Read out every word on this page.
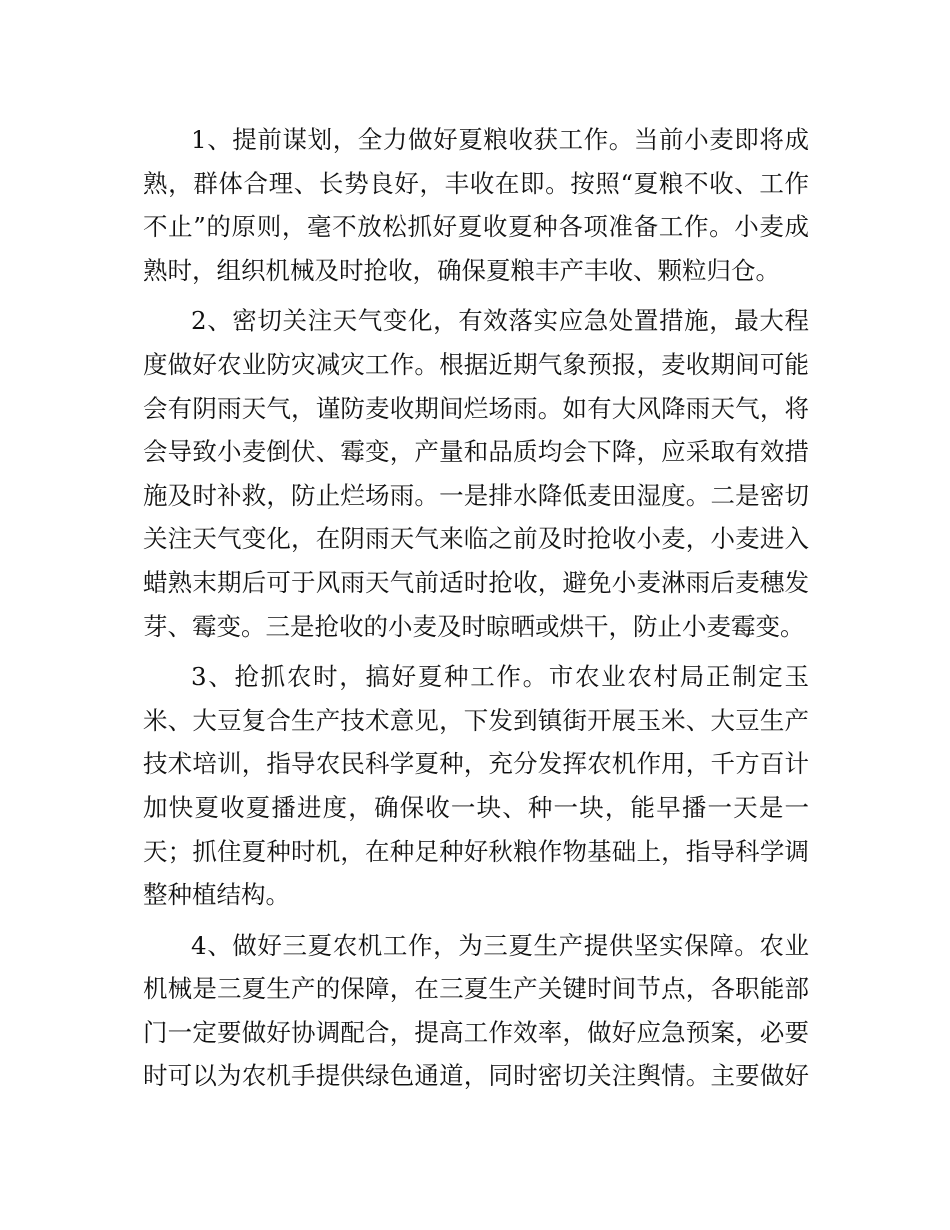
1、提前谋划，全力做好夏粮收获工作。当前小麦即将成
熟，群体合理、长势良好，丰收在即。按照“夏粮不收、工作
不止”的原则，毫不放松抓好夏收夏种各项准备工作。小麦成
熟时，组织机械及时抢收，确保夏粮丰产丰收、颗粒归仓。
2、密切关注天气变化，有效落实应急处置措施，最大程
度做好农业防灾减灾工作。根据近期气象预报，麦收期间可能
会有阴雨天气，谨防麦收期间烂场雨。如有大风降雨天气，将
会导致小麦倒伏、霉变，产量和品质均会下降，应采取有效措
施及时补救，防止烂场雨。一是排水降低麦田湿度。二是密切
关注天气变化，在阴雨天气来临之前及时抢收小麦，小麦进入
蜡熟末期后可于风雨天气前适时抢收，避免小麦淋雨后麦穗发
芽、霉变。三是抢收的小麦及时晾晒或烘干，防止小麦霉变。
3、抢抓农时，搞好夏种工作。市农业农村局正制定玉
米、大豆复合生产技术意见，下发到镇街开展玉米、大豆生产
技术培训，指导农民科学夏种，充分发挥农机作用，千方百计
加快夏收夏播进度，确保收一块、种一块，能早播一天是一
天；抓住夏种时机，在种足种好秋粮作物基础上，指导科学调
整种植结构。
4、做好三夏农机工作，为三夏生产提供坚实保障。农业
机械是三夏生产的保障，在三夏生产关键时间节点，各职能部
门一定要做好协调配合，提高工作效率，做好应急预案，必要
时可以为农机手提供绿色通道，同时密切关注舆情。主要做好
